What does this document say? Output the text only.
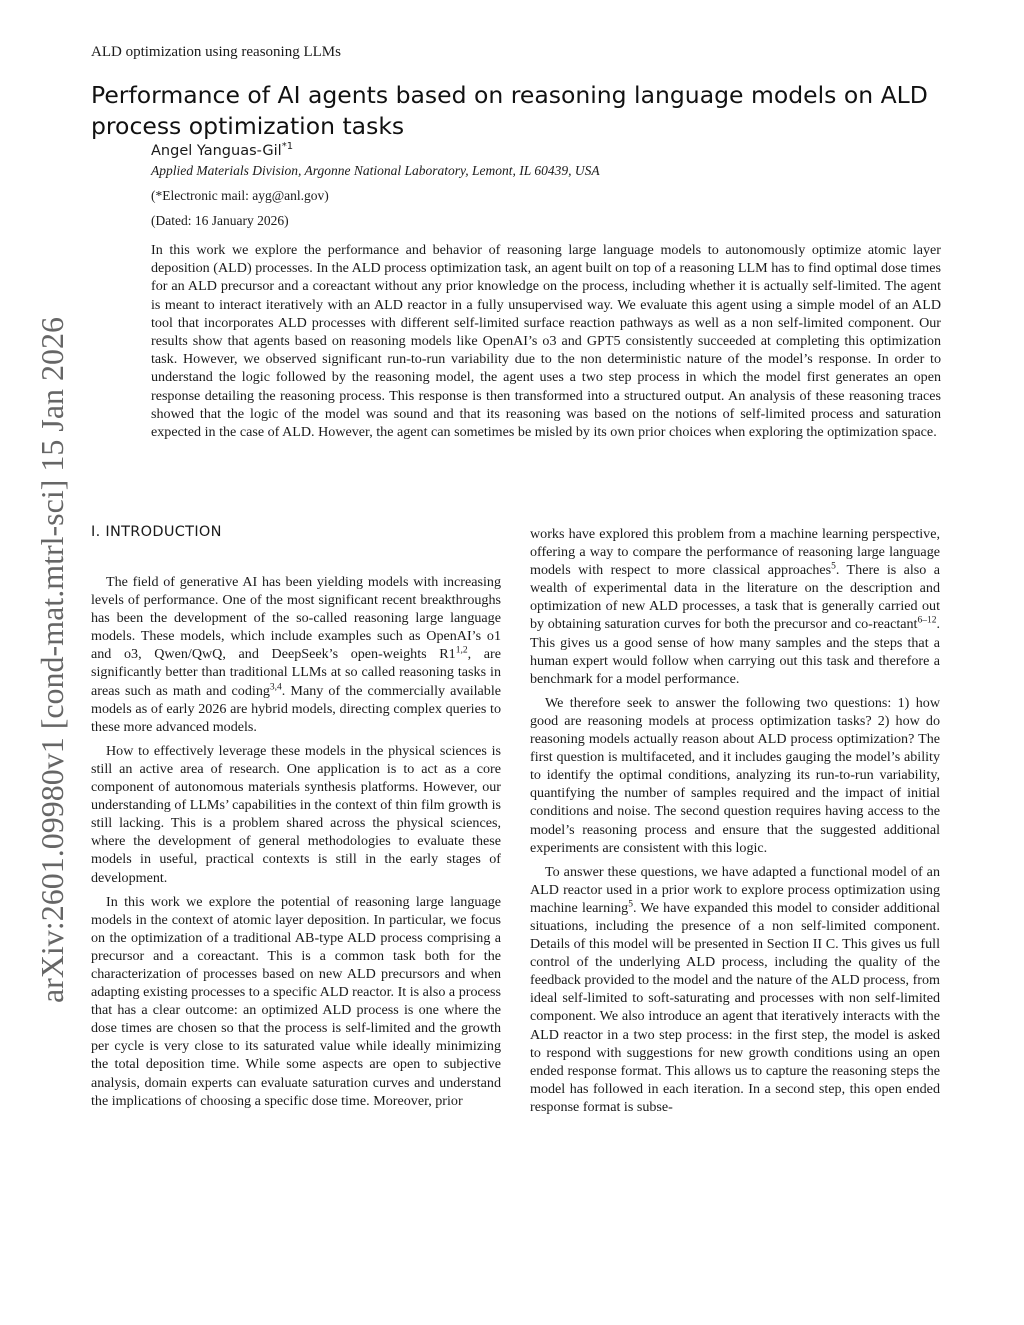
ALD optimization using reasoning LLMs
Performance of AI agents based on reasoning language models on ALD process optimization tasks
Angel Yanguas-Gil$^{*1}$
Applied Materials Division, Argonne National Laboratory, Lemont, IL 60439, USA
(*Electronic mail: ayg@anl.gov)
(Dated: 16 January 2026)

In this work we explore the performance and behavior of reasoning large language models to autonomously optimize atomic layer deposition (ALD) processes. In the ALD process optimization task, an agent built on top of a reasoning LLM has to find optimal dose times for an ALD precursor and a coreactant without any prior knowledge on the process, including whether it is actually self-limited. The agent is meant to interact iteratively with an ALD reactor in a fully unsupervised way. We evaluate this agent using a simple model of an ALD tool that incorporates ALD processes with different self-limited surface reaction pathways as well as a non self-limited component. Our results show that agents based on reasoning models like OpenAI’s o3 and GPT5 consistently succeeded at completing this optimization task. However, we observed significant run-to-run variability due to the non deterministic nature of the model’s response. In order to understand the logic followed by the reasoning model, the agent uses a two step process in which the model first generates an open response detailing the reasoning process. This response is then transformed into a structured output. An analysis of these reasoning traces showed that the logic of the model was sound and that its reasoning was based on the notions of self-limited process and saturation expected in the case of ALD. However, the agent can sometimes be misled by its own prior choices when exploring the optimization space.

arXiv:2601.09980v1 [cond-mat.mtrl-sci] 15 Jan 2026 I. INTRODUCTION

The field of generative AI has been yielding models with increasing levels of performance. One of the most significant recent breakthroughs has been the development of the so-called reasoning large language models. These models, which include examples such as OpenAI’s o1 and o3, Qwen/QwQ, and DeepSeek’s open-weights R1$^{1,2}$, are significantly better than traditional LLMs at so called reasoning tasks in areas such as math and coding$^{3,4}$. Many of the commercially available models as of early 2026 are hybrid models, directing complex queries to these more advanced models.

How to effectively leverage these models in the physical sciences is still an active area of research. One application is to act as a core component of autonomous materials synthesis platforms. However, our understanding of LLMs’ capabilities in the context of thin film growth is still lacking. This is a problem shared across the physical sciences, where the development of general methodologies to evaluate these models in useful, practical contexts is still in the early stages of development.

In this work we explore the potential of reasoning large language models in the context of atomic layer deposition. In particular, we focus on the optimization of a traditional AB-type ALD process comprising a precursor and a coreactant. This is a common task both for the characterization of processes based on new ALD precursors and when adapting existing processes to a specific ALD reactor. It is also a process that has a clear outcome: an optimized ALD process is one where the dose times are chosen so that the process is self-limited and the growth per cycle is very close to its saturated value while ideally minimizing the total deposition time. While some aspects are open to subjective analysis, domain experts can evaluate saturation curves and understand the implications of choosing a specific dose time. Moreover, prior

works have explored this problem from a machine learning perspective, offering a way to compare the performance of reasoning large language models with respect to more classical approaches$^5$. There is also a wealth of experimental data in the literature on the description and optimization of new ALD processes, a task that is generally carried out by obtaining saturation curves for both the precursor and co-reactant$^{6-12}$. This gives us a good sense of how many samples and the steps that a human expert would follow when carrying out this task and therefore a benchmark for a model performance.

We therefore seek to answer the following two questions: 1) how good are reasoning models at process optimization tasks? 2) how do reasoning models actually reason about ALD process optimization? The first question is multifaceted, and it includes gauging the model’s ability to identify the optimal conditions, analyzing its run-to-run variability, quantifying the number of samples required and the impact of initial conditions and noise. The second question requires having access to the model’s reasoning process and ensure that the suggested additional experiments are consistent with this logic.

To answer these questions, we have adapted a functional model of an ALD reactor used in a prior work to explore process optimization using machine learning$^5$. We have expanded this model to consider additional situations, including the presence of a non self-limited component. Details of this model will be presented in Section II C. This gives us full control of the underlying ALD process, including the quality of the feedback provided to the model and the nature of the ALD process, from ideal self-limited to soft-saturating and processes with non self-limited component. We also introduce an agent that iteratively interacts with the ALD reactor in a two step process: in the first step, the model is asked to respond with suggestions for new growth conditions using an open ended response format. This allows us to capture the reasoning steps the model has followed in each iteration. In a second step, this open ended response format is subse-
